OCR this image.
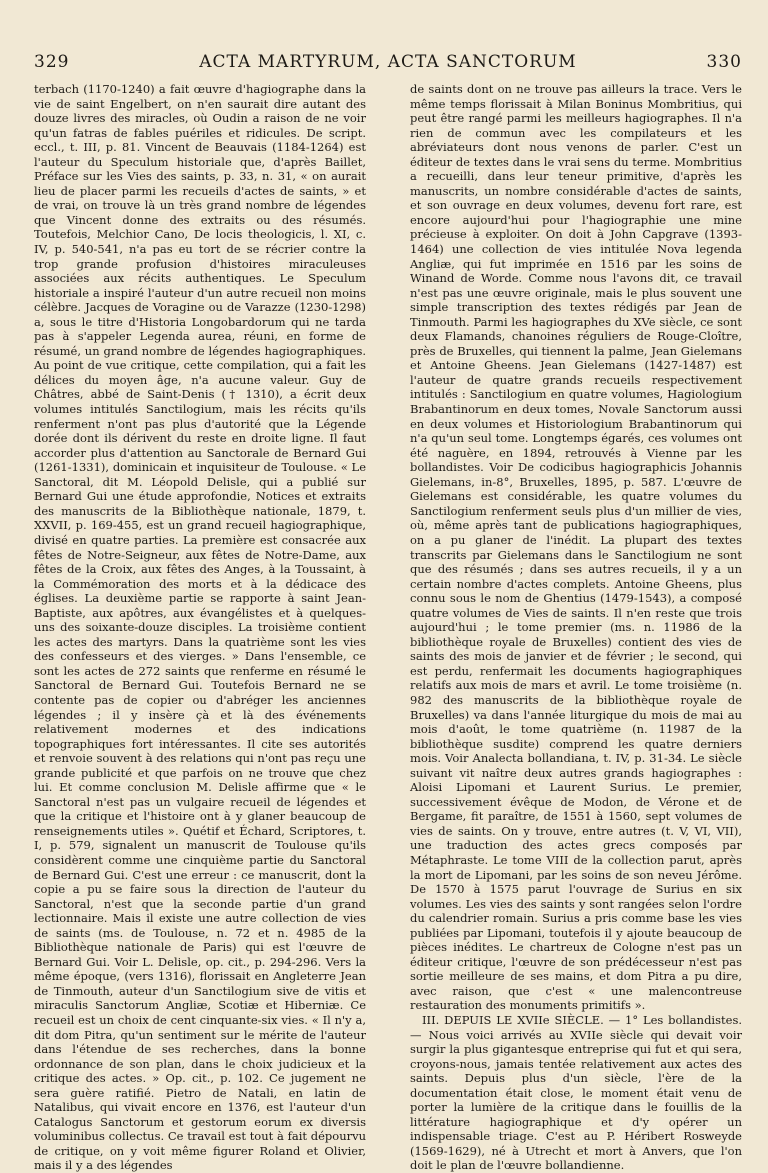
329	ACTA MARTYRUM, ACTA SANCTORUM	330

terbach (1170-1240) a fait œuvre d'hagiographe dans la vie de saint Engelbert, on n'en saurait dire autant des douze livres des miracles, où Oudin a raison de ne voir qu'un fatras de fables puériles et ridicules. De script. eccl., t. III, p. 81. Vincent de Beauvais (1184-1264) est l'auteur du Speculum historiale que, d'après Baillet, Préface sur les Vies des saints, p. 33, n. 31, « on aurait lieu de placer parmi les recueils d'actes de saints, » et de vrai, on trouve là un très grand nombre de légendes que Vincent donne des extraits ou des résumés. Toutefois, Melchior Cano, De locis theologicis, l. XI, c. IV, p. 540-541, n'a pas eu tort de se récrier contre la trop grande profusion d'histoires miraculeuses associées aux récits authentiques. Le Speculum historiale a inspiré l'auteur d'un autre recueil non moins célèbre. Jacques de Voragine ou de Varazze (1230-1298) a, sous le titre d'Historia Longobardorum qui ne tarda pas à s'appeler Legenda aurea, réuni, en forme de résumé, un grand nombre de légendes hagiographiques. Au point de vue critique, cette compilation, qui a fait les délices du moyen âge, n'a aucune valeur. Guy de Châtres, abbé de Saint-Denis († 1310), a écrit deux volumes intitulés Sanctilogium, mais les récits qu'ils renferment n'ont pas plus d'autorité que la Légende dorée dont ils dérivent du reste en droite ligne. Il faut accorder plus d'attention au Sanctorale de Bernard Gui (1261-1331), dominicain et inquisiteur de Toulouse. « Le Sanctoral, dit M. Léopold Delisle, qui a publié sur Bernard Gui une étude approfondie, Notices et extraits des manuscrits de la Bibliothèque nationale, 1879, t. XXVII, p. 169-455, est un grand recueil hagiographique, divisé en quatre parties. La première est consacrée aux fêtes de Notre-Seigneur, aux fêtes de Notre-Dame, aux fêtes de la Croix, aux fêtes des Anges, à la Toussaint, à la Commémoration des morts et à la dédicace des églises. La deuxième partie se rapporte à saint Jean-Baptiste, aux apôtres, aux évangélistes et à quelques-uns des soixante-douze disciples. La troisième contient les actes des martyrs. Dans la quatrième sont les vies des confesseurs et des vierges. » Dans l'ensemble, ce sont les actes de 272 saints que renferme en résumé le Sanctoral de Bernard Gui. Toutefois Bernard ne se contente pas de copier ou d'abréger les anciennes légendes ; il y insère çà et là des événements relativement modernes et des indications topographiques fort intéressantes. Il cite ses autorités et renvoie souvent à des relations qui n'ont pas reçu une grande publicité et que parfois on ne trouve que chez lui. Et comme conclusion M. Delisle affirme que « le Sanctoral n'est pas un vulgaire recueil de légendes et que la critique et l'histoire ont à y glaner beaucoup de renseignements utiles ». Quétif et Échard, Scriptores, t. I, p. 579, signalent un manuscrit de Toulouse qu'ils considèrent comme une cinquième partie du Sanctoral de Bernard Gui. C'est une erreur : ce manuscrit, dont la copie a pu se faire sous la direction de l'auteur du Sanctoral, n'est que la seconde partie d'un grand lectionnaire. Mais il existe une autre collection de vies de saints (ms. de Toulouse, n. 72 et n. 4985 de la Bibliothèque nationale de Paris) qui est l'œuvre de Bernard Gui. Voir L. Delisle, op. cit., p. 294-296. Vers la même époque, (vers 1316), florissait en Angleterre Jean de Tinmouth, auteur d'un Sanctilogium sive de vitis et miraculis Sanctorum Angliæ, Scotiæ et Hiberniæ. Ce recueil est un choix de cent cinquante-six vies. « Il n'y a, dit dom Pitra, qu'un sentiment sur le mérite de l'auteur dans l'étendue de ses recherches, dans la bonne ordonnance de son plan, dans le choix judicieux et la critique des actes. » Op. cit., p. 102. Ce jugement ne sera guère ratifié. Pietro de Natali, en latin de Natalibus, qui vivait encore en 1376, est l'auteur d'un Catalogus Sanctorum et gestorum eorum ex diversis voluminibus collectus. Ce travail est tout à fait dépourvu de critique, on y voit même figurer Roland et Olivier, mais il y a des légendes

de saints dont on ne trouve pas ailleurs la trace. Vers le même temps florissait à Milan Boninus Mombritius, qui peut être rangé parmi les meilleurs hagiographes. Il n'a rien de commun avec les compilateurs et les abréviateurs dont nous venons de parler. C'est un éditeur de textes dans le vrai sens du terme. Mombritius a recueilli, dans leur teneur primitive, d'après les manuscrits, un nombre considérable d'actes de saints, et son ouvrage en deux volumes, devenu fort rare, est encore aujourd'hui pour l'hagiographie une mine précieuse à exploiter. On doit à John Capgrave (1393-1464) une collection de vies intitulée Nova legenda Angliæ, qui fut imprimée en 1516 par les soins de Winand de Worde. Comme nous l'avons dit, ce travail n'est pas une œuvre originale, mais le plus souvent une simple transcription des textes rédigés par Jean de Tinmouth. Parmi les hagiographes du XVe siècle, ce sont deux Flamands, chanoines réguliers de Rouge-Cloître, près de Bruxelles, qui tiennent la palme, Jean Gielemans et Antoine Gheens. Jean Gielemans (1427-1487) est l'auteur de quatre grands recueils respectivement intitulés : Sanctilogium en quatre volumes, Hagiologium Brabantinorum en deux tomes, Novale Sanctorum aussi en deux volumes et Historiologium Brabantinorum qui n'a qu'un seul tome. Longtemps égarés, ces volumes ont été naguère, en 1894, retrouvés à Vienne par les bollandistes. Voir De codicibus hagiographicis Johannis Gielemans, in-8°, Bruxelles, 1895, p. 587. L'œuvre de Gielemans est considérable, les quatre volumes du Sanctilogium renferment seuls plus d'un millier de vies, où, même après tant de publications hagiographiques, on a pu glaner de l'inédit. La plupart des textes transcrits par Gielemans dans le Sanctilogium ne sont que des résumés ; dans ses autres recueils, il y a un certain nombre d'actes complets. Antoine Gheens, plus connu sous le nom de Ghentius (1479-1543), a composé quatre volumes de Vies de saints. Il n'en reste que trois aujourd'hui ; le tome premier (ms. n. 11986 de la bibliothèque royale de Bruxelles) contient des vies de saints des mois de janvier et de février ; le second, qui est perdu, renfermait les documents hagiographiques relatifs aux mois de mars et avril. Le tome troisième (n. 982 des manuscrits de la bibliothèque royale de Bruxelles) va dans l'année liturgique du mois de mai au mois d'août, le tome quatrième (n. 11987 de la bibliothèque susdite) comprend les quatre derniers mois. Voir Analecta bollandiana, t. IV, p. 31-34. Le siècle suivant vit naître deux autres grands hagiographes : Aloisi Lipomani et Laurent Surius. Le premier, successivement évêque de Modon, de Vérone et de Bergame, fit paraître, de 1551 à 1560, sept volumes de vies de saints. On y trouve, entre autres (t. V, VI, VII), une traduction des actes grecs composés par Métaphraste. Le tome VIII de la collection parut, après la mort de Lipomani, par les soins de son neveu Jérôme. De 1570 à 1575 parut l'ouvrage de Surius en six volumes. Les vies des saints y sont rangées selon l'ordre du calendrier romain. Surius a pris comme base les vies publiées par Lipomani, toutefois il y ajoute beaucoup de pièces inédites. Le chartreux de Cologne n'est pas un éditeur critique, l'œuvre de son prédécesseur n'est pas sortie meilleure de ses mains, et dom Pitra a pu dire, avec raison, que c'est « une malencontreuse restauration des monuments primitifs ».

III. DEPUIS LE XVIIe SIÈCLE. — 1° Les bollandistes. — Nous voici arrivés au XVIIe siècle qui devait voir surgir la plus gigantesque entreprise qui fut et qui sera, croyons-nous, jamais tentée relativement aux actes des saints. Depuis plus d'un siècle, l'ère de la documentation était close, le moment était venu de porter la lumière de la critique dans le fouillis de la littérature hagiographique et d'y opérer un indispensable triage. C'est au P. Héribert Rosweyde (1569-1629), né à Utrecht et mort à Anvers, que l'on doit le plan de l'œuvre bollandienne.
